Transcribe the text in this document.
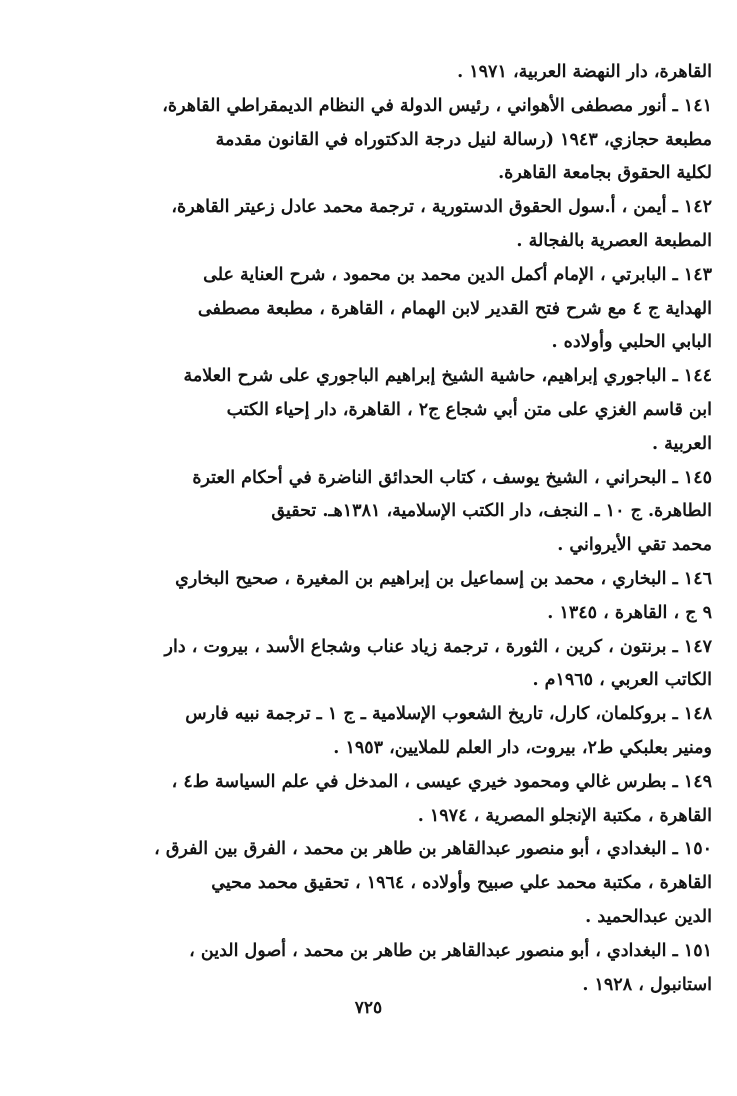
القاهرة، دار النهضة العربية، ١٩٧١ .
١٤١ ـ أنور مصطفى الأهواني ، رئيس الدولة في النظام الديمقراطي القاهرة،
مطبعة حجازي، ١٩٤٣ (رسالة لنيل درجة الدكتوراه في القانون مقدمة
لكلية الحقوق بجامعة القاهرة.
١٤٢ ـ أيمن ، أ.سول الحقوق الدستورية ، ترجمة محمد عادل زعيتر القاهرة،
المطبعة العصرية بالفجالة .
١٤٣ ـ البابرتي ، الإمام أكمل الدين محمد بن محمود ، شرح العناية على
الهداية ج ٤ مع شرح فتح القدير لابن الهمام ، القاهرة ، مطبعة مصطفى
البابي الحلبي وأولاده .
١٤٤ ـ الباجوري إبراهيم، حاشية الشيخ إبراهيم الباجوري على شرح العلامة
ابن قاسم الغزي على متن أبي شجاع ج٢ ، القاهرة، دار إحياء الكتب
العربية .
١٤٥ ـ البحراني ، الشيخ يوسف ، كتاب الحدائق الناضرة في أحكام العترة
الطاهرة. ج ١٠ ـ النجف، دار الكتب الإسلامية، ١٣٨١هـ. تحقيق
محمد تقي الأيرواني .
١٤٦ ـ البخاري ، محمد بن إسماعيل بن إبراهيم بن المغيرة ، صحيح البخاري
٩ ج ، القاهرة ، ١٣٤٥ .
١٤٧ ـ برنتون ، كرين ، الثورة ، ترجمة زياد عناب وشجاع الأسد ، بيروت ، دار
الكاتب العربي ، ١٩٦٥م .
١٤٨ ـ بروكلمان، كارل، تاريخ الشعوب الإسلامية ـ ج ١ ـ ترجمة نبيه فارس
ومنير بعلبكي ط٢، بيروت، دار العلم للملايين، ١٩٥٣ .
١٤٩ ـ بطرس غالي ومحمود خيري عيسى ، المدخل في علم السياسة ط٤ ،
القاهرة ، مكتبة الإنجلو المصرية ، ١٩٧٤ .
١٥٠ ـ البغدادي ، أبو منصور عبدالقاهر بن طاهر بن محمد ، الفرق بين الفرق ،
القاهرة ، مكتبة محمد علي صبيح وأولاده ، ١٩٦٤ ، تحقيق محمد محيي
الدين عبدالحميد .
١٥١ ـ البغدادي ، أبو منصور عبدالقاهر بن طاهر بن محمد ، أصول الدين ،
استانبول ، ١٩٢٨ .
٧٢٥
